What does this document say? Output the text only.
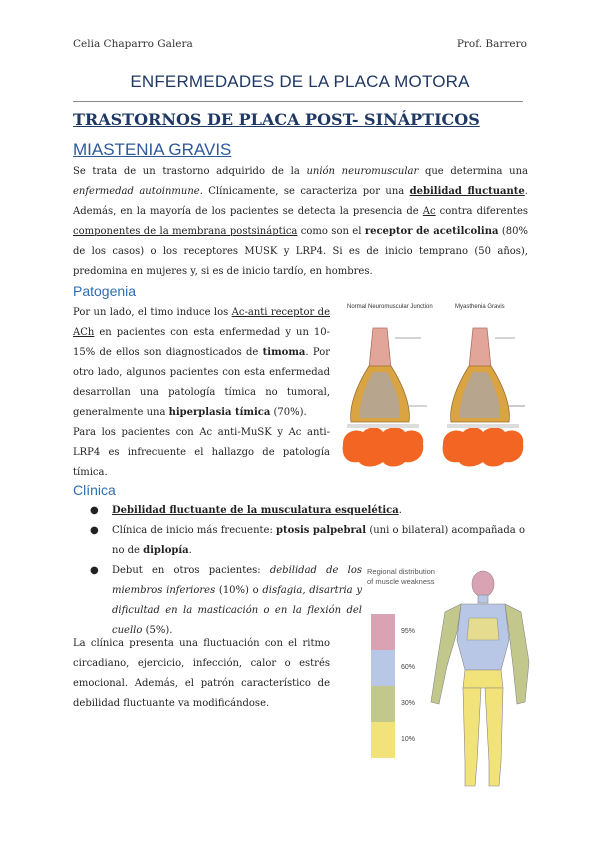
Celia Chaparro Galera	Prof. Barrero
ENFERMEDADES DE LA PLACA MOTORA
TRASTORNOS DE PLACA POST- SINÁPTICOS
MIASTENIA GRAVIS
Se trata de un trastorno adquirido de la unión neuromuscular que determina una enfermedad autoinmune. Clínicamente, se caracteriza por una debilidad fluctuante. Además, en la mayoría de los pacientes se detecta la presencia de Ac contra diferentes componentes de la membrana postsináptica como son el receptor de acetilcolina (80% de los casos) o los receptores MUSK y LRP4. Si es de inicio temprano (50 años), predomina en mujeres y, si es de inicio tardío, en hombres.
Patogenia
Por un lado, el timo induce los Ac-anti receptor de ACh en pacientes con esta enfermedad y un 10-15% de ellos son diagnosticados de timoma. Por otro lado, algunos pacientes con esta enfermedad desarrollan una patología tímica no tumoral, generalmente una hiperplasia tímica (70%).
Para los pacientes con Ac anti-MuSK y Ac anti-LRP4 es infrecuente el hallazgo de patología tímica.
Normal Neuromuscular Junction	Myasthenia Gravis
Clínica
● Debilidad fluctuante de la musculatura esquelética.
● Clínica de inicio más frecuente: ptosis palpebral (uni o bilateral) acompañada o no de diplopía.
● Debut en otros pacientes: debilidad de los miembros inferiores (10%) o disfagia, disartria y dificultad en la masticación o en la flexión del cuello (5%).
La clínica presenta una fluctuación con el ritmo circadiano, ejercicio, infección, calor o estrés emocional. Además, el patrón característico de debilidad fluctuante va modificándose.
Regional distribution
of muscle weakness
95%
60%
30%
10%
